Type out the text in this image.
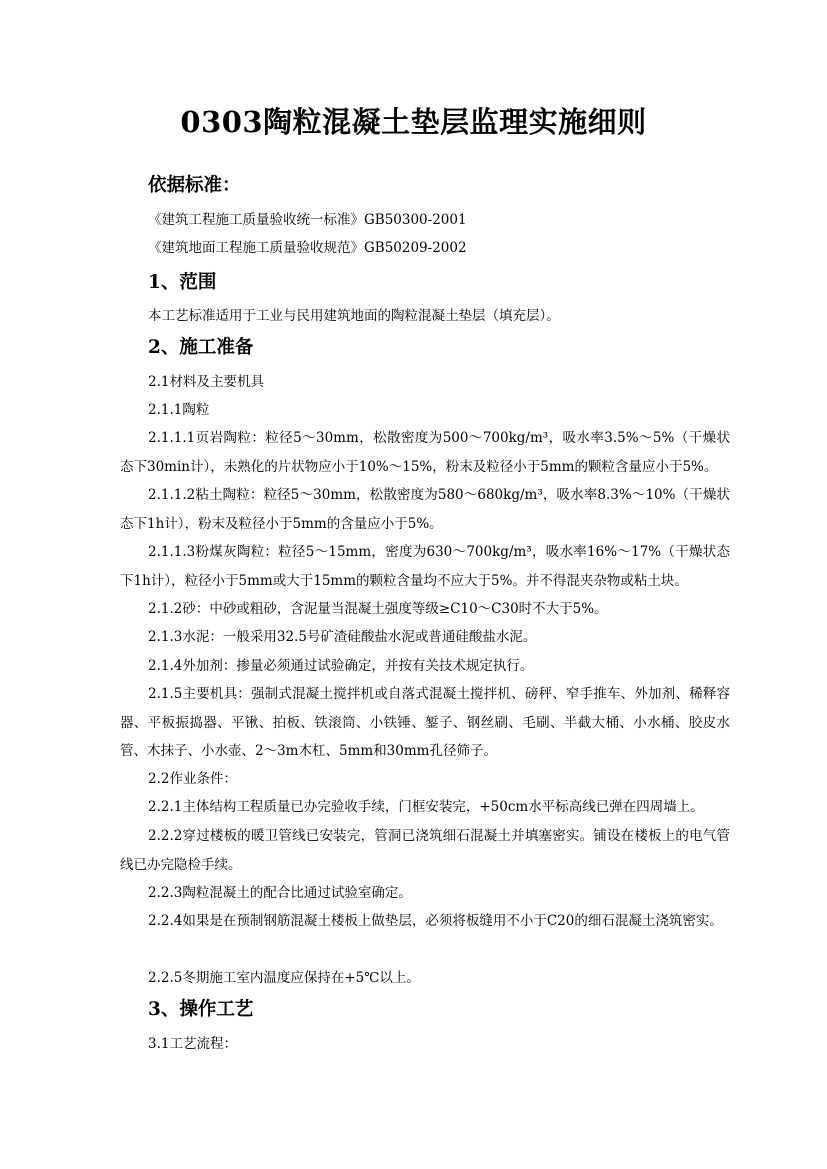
0303陶粒混凝土垫层监理实施细则
依据标准：
《建筑工程施工质量验收统一标准》GB50300-2001
《建筑地面工程施工质量验收规范》GB50209-2002
1、范围
本工艺标准适用于工业与民用建筑地面的陶粒混凝土垫层（填充层）。
2、施工准备
2.1材料及主要机具
2.1.1陶粒
2.1.1.1页岩陶粒：粒径5～30mm，松散密度为500～700kg/m³，吸水率3.5%～5%（干燥状态下30min计），未熟化的片状物应小于10%～15%，粉末及粒径小于5mm的颗粒含量应小于5%。
2.1.1.2粘土陶粒：粒径5～30mm，松散密度为580～680kg/m³，吸水率8.3%～10%（干燥状态下1h计），粉末及粒径小于5mm的含量应小于5%。
2.1.1.3粉煤灰陶粒：粒径5～15mm，密度为630～700kg/m³，吸水率16%～17%（干燥状态下1h计），粒径小于5mm或大于15mm的颗粒含量均不应大于5%。并不得混夹杂物或粘土块。
2.1.2砂：中砂或粗砂，含泥量当混凝土强度等级≥C10～C30时不大于5%。
2.1.3水泥：一般采用32.5号矿渣硅酸盐水泥或普通硅酸盐水泥。
2.1.4外加剂：掺量必须通过试验确定，并按有关技术规定执行。
2.1.5主要机具：强制式混凝土搅拌机或自落式混凝土搅拌机、磅秤、窄手推车、外加剂、稀释容器、平板振捣器、平锹、拍板、铁滚筒、小铁锤、錾子、钢丝刷、毛刷、半截大桶、小水桶、胶皮水管、木抹子、小水壶、2～3m木杠、5mm和30mm孔径筛子。
2.2作业条件：
2.2.1主体结构工程质量已办完验收手续，门框安装完，+50cm水平标高线已弹在四周墙上。
2.2.2穿过楼板的暖卫管线已安装完，管洞已浇筑细石混凝土并填塞密实。铺设在楼板上的电气管线已办完隐检手续。
2.2.3陶粒混凝土的配合比通过试验室确定。
2.2.4如果是在预制钢筋混凝土楼板上做垫层，必须将板缝用不小于C20的细石混凝土浇筑密实。
2.2.5冬期施工室内温度应保持在+5℃以上。
3、操作工艺
3.1工艺流程：
